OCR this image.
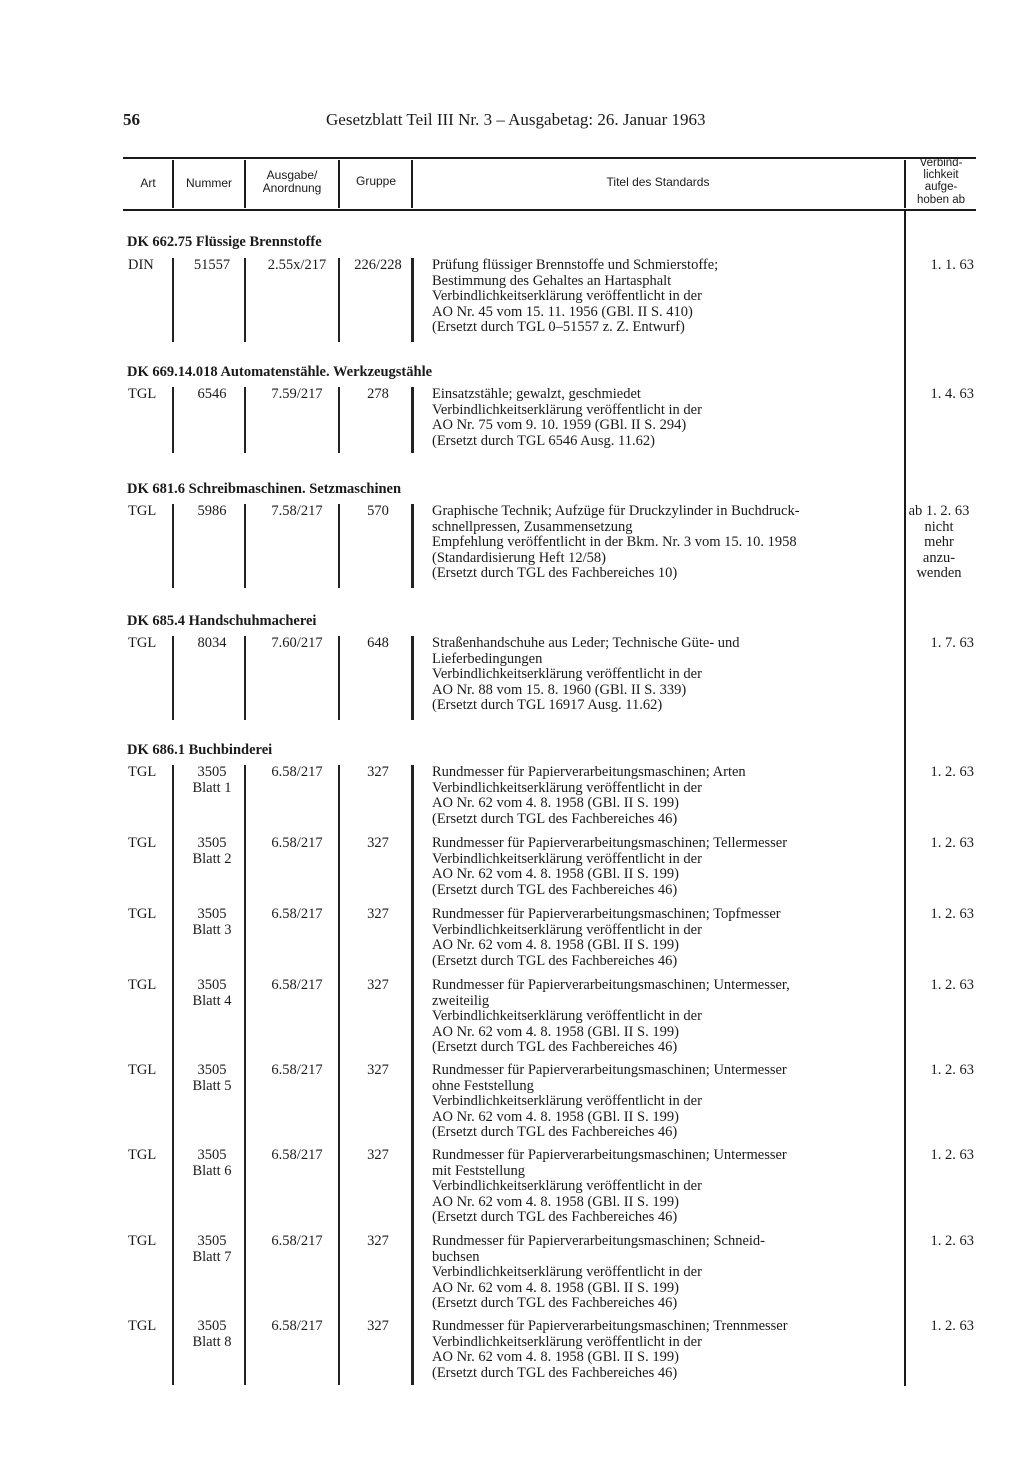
56	Gesetzblatt Teil III Nr. 3 – Ausgabetag: 26. Januar 1963
Art	Nummer
Ausgabe/
Anordnung	Gruppe	Titel des Standards
Verbind-
lichkeit
aufge-
hoben ab
DK 662.75 Flüssige Brennstoffe
DIN	51557	2.55x/217	226/228	Prüfung flüssiger Brennstoffe und Schmierstoffe;
Bestimmung des Gehaltes an Hartasphalt
Verbindlichkeitserklärung veröffentlicht in der
AO Nr. 45 vom 15. 11. 1956 (GBl. II S. 410)
(Ersetzt durch TGL 0–51557 z. Z. Entwurf)
1. 1. 63
DK 669.14.018 Automatenstähle. Werkzeugstähle
TGL	6546	7.59/217	278	Einsatzstähle; gewalzt, geschmiedet
Verbindlichkeitserklärung veröffentlicht in der
AO Nr. 75 vom 9. 10. 1959 (GBl. II S. 294)
(Ersetzt durch TGL 6546 Ausg. 11.62)
1. 4. 63
DK 681.6 Schreibmaschinen. Setzmaschinen
TGL	5986	7.58/217	570	Graphische Technik; Aufzüge für Druckzylinder in Buchdruck-
schnellpressen, Zusammensetzung
Empfehlung veröffentlicht in der Bkm. Nr. 3 vom 15. 10. 1958
(Standardisierung Heft 12/58)
(Ersetzt durch TGL des Fachbereiches 10)
ab 1. 2. 63
nicht
mehr
anzu-
wenden
DK 685.4 Handschuhmacherei
TGL	8034	7.60/217	648	Straßenhandschuhe aus Leder; Technische Güte- und
Lieferbedingungen
Verbindlichkeitserklärung veröffentlicht in der
AO Nr. 88 vom 15. 8. 1960 (GBl. II S. 339)
(Ersetzt durch TGL 16917 Ausg. 11.62)
1. 7. 63
DK 686.1 Buchbinderei
TGL	3505
Blatt 1
6.58/217	327	Rundmesser für Papierverarbeitungsmaschinen; Arten
Verbindlichkeitserklärung veröffentlicht in der
AO Nr. 62 vom 4. 8. 1958 (GBl. II S. 199)
(Ersetzt durch TGL des Fachbereiches 46)
1. 2. 63
TGL	3505
Blatt 2
6.58/217	327	Rundmesser für Papierverarbeitungsmaschinen; Tellermesser
Verbindlichkeitserklärung veröffentlicht in der
AO Nr. 62 vom 4. 8. 1958 (GBl. II S. 199)
(Ersetzt durch TGL des Fachbereiches 46)
1. 2. 63
TGL	3505
Blatt 3
6.58/217	327	Rundmesser für Papierverarbeitungsmaschinen; Topfmesser
Verbindlichkeitserklärung veröffentlicht in der
AO Nr. 62 vom 4. 8. 1958 (GBl. II S. 199)
(Ersetzt durch TGL des Fachbereiches 46)
1. 2. 63
TGL	3505
Blatt 4
6.58/217	327	Rundmesser für Papierverarbeitungsmaschinen; Untermesser,
zweiteilig
Verbindlichkeitserklärung veröffentlicht in der
AO Nr. 62 vom 4. 8. 1958 (GBl. II S. 199)
(Ersetzt durch TGL des Fachbereiches 46)
1. 2. 63
TGL	3505
Blatt 5
6.58/217	327	Rundmesser für Papierverarbeitungsmaschinen; Untermesser
ohne Feststellung
Verbindlichkeitserklärung veröffentlicht in der
AO Nr. 62 vom 4. 8. 1958 (GBl. II S. 199)
(Ersetzt durch TGL des Fachbereiches 46)
1. 2. 63
TGL	3505
Blatt 6
6.58/217	327	Rundmesser für Papierverarbeitungsmaschinen; Untermesser
mit Feststellung
Verbindlichkeitserklärung veröffentlicht in der
AO Nr. 62 vom 4. 8. 1958 (GBl. II S. 199)
(Ersetzt durch TGL des Fachbereiches 46)
1. 2. 63
TGL	3505
Blatt 7
6.58/217	327	Rundmesser für Papierverarbeitungsmaschinen; Schneid-
buchsen
Verbindlichkeitserklärung veröffentlicht in der
AO Nr. 62 vom 4. 8. 1958 (GBl. II S. 199)
(Ersetzt durch TGL des Fachbereiches 46)
1. 2. 63
TGL	3505
Blatt 8
6.58/217	327	Rundmesser für Papierverarbeitungsmaschinen; Trennmesser
Verbindlichkeitserklärung veröffentlicht in der
AO Nr. 62 vom 4. 8. 1958 (GBl. II S. 199)
(Ersetzt durch TGL des Fachbereiches 46)
1. 2. 63
